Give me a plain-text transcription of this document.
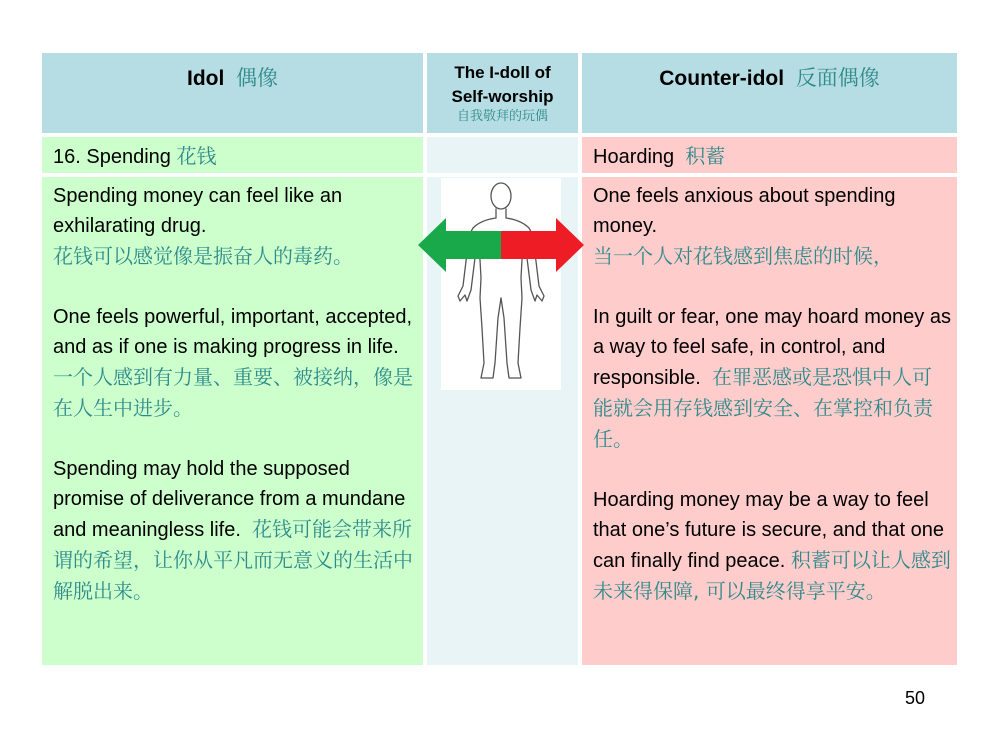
Idol 偶像	The I-doll of
Self-worship
自我敬拜的玩偶
Counter-idol 反面偶像
16. Spending 花钱	Hoarding 积蓄

Spending money can feel like an exhilarating drug.
花钱可以感觉像是振奋人的毒药。

One feels powerful, important, accepted, and as if one is making progress in life.
一个人感到有力量、重要、被接纳，像是在人生中进步。

Spending may hold the supposed promise of deliverance from a mundane and meaningless life. 花钱可能会带来所谓的希望，让你从平凡而无意义的生活中解脱出来。

One feels anxious about spending money.
当一个人对花钱感到焦虑的时候，

In guilt or fear, one may hoard money as a way to feel safe, in control, and responsible. 在罪恶感或是恐惧中人可能就会用存钱感到安全、在掌控和负责任。

Hoarding money may be a way to feel that one’s future is secure, and that one can finally find peace. 积蓄可以让人感到未来得保障, 可以最终得享平安。

50
